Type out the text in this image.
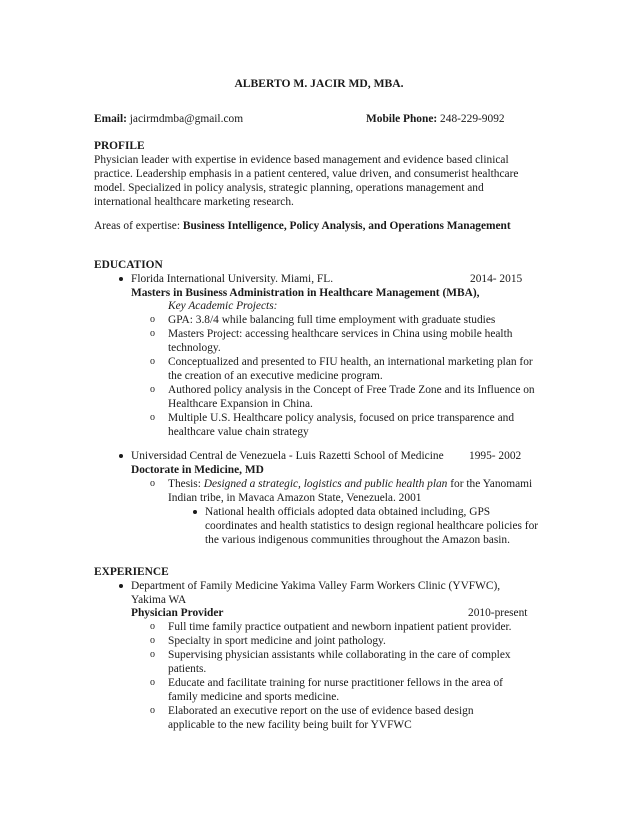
ALBERTO M. JACIR MD, MBA.
Email: jacirmdmba@gmail.com	Mobile Phone: 248-229-9092
PROFILE
Physician leader with expertise in evidence based management and evidence based clinical
practice. Leadership emphasis in a patient centered, value driven, and consumerist healthcare
model. Specialized in policy analysis, strategic planning, operations management and
international healthcare marketing research.
Areas of expertise: Business Intelligence, Policy Analysis, and Operations Management
EDUCATION
Florida International University. Miami, FL.	2014- 2015
Masters in Business Administration in Healthcare Management (MBA),
Key Academic Projects:
o GPA: 3.8/4 while balancing full time employment with graduate studies
o Masters Project: accessing healthcare services in China using mobile health
technology.
o Conceptualized and presented to FIU health, an international marketing plan for
the creation of an executive medicine program.
o Authored policy analysis in the Concept of Free Trade Zone and its Influence on
Healthcare Expansion in China.
o Multiple U.S. Healthcare policy analysis, focused on price transparence and
healthcare value chain strategy
Universidad Central de Venezuela - Luis Razetti School of Medicine 1995- 2002
Doctorate in Medicine, MD
o Thesis: Designed a strategic, logistics and public health plan for the Yanomami
Indian tribe, in Mavaca Amazon State, Venezuela. 2001
National health officials adopted data obtained including, GPS
coordinates and health statistics to design regional healthcare policies for
the various indigenous communities throughout the Amazon basin.
EXPERIENCE
Department of Family Medicine Yakima Valley Farm Workers Clinic (YVFWC),
Yakima WA
Physician Provider	2010-present
o Full time family practice outpatient and newborn inpatient patient provider.
o Specialty in sport medicine and joint pathology.
o Supervising physician assistants while collaborating in the care of complex
patients.
o Educate and facilitate training for nurse practitioner fellows in the area of
family medicine and sports medicine.
o Elaborated an executive report on the use of evidence based design
applicable to the new facility being built for YVFWC
